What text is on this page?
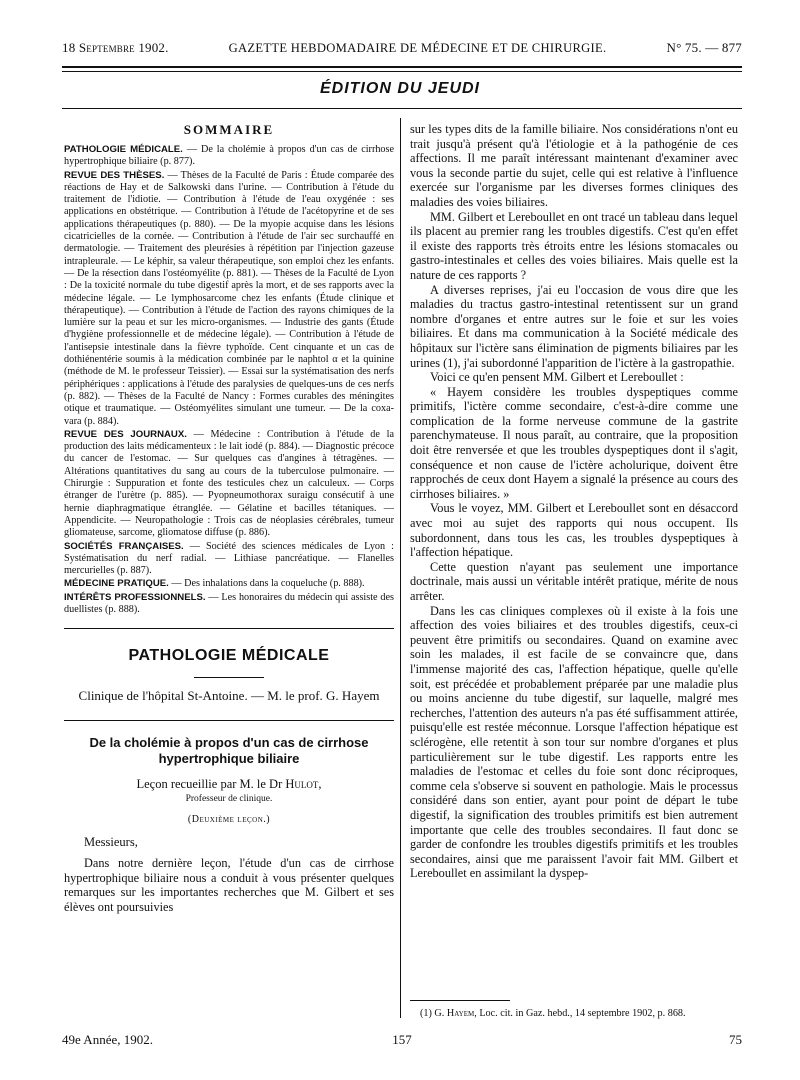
18 Septembre 1902.	GAZETTE HEBDOMADAIRE DE MÉDECINE ET DE CHIRURGIE.	N° 75. — 877
ÉDITION DU JEUDI
SOMMAIRE

PATHOLOGIE MÉDICALE. — De la cholémie à propos d'un cas de cirrhose hypertrophique biliaire (p. 877).

REVUE DES THÈSES. — Thèses de la Faculté de Paris : Étude comparée des réactions de Hay et de Salkowski dans l'urine. — Contribution à l'étude du traitement de l'idiotie. — Contribution à l'étude de l'eau oxygénée : ses applications en obstétrique. — Contribution à l'étude de l'acétopyrine et de ses applications thérapeutiques (p. 880). — De la myopie acquise dans les lésions cicatricielles de la cornée. — Contribution à l'étude de l'air sec surchauffé en dermatologie. — Traitement des pleurésies à répétition par l'injection gazeuse intrapleurale. — Le képhir, sa valeur thérapeutique, son emploi chez les enfants. — De la résection dans l'ostéomyélite (p. 881). — Thèses de la Faculté de Lyon : De la toxicité normale du tube digestif après la mort, et de ses rapports avec la médecine légale. — Le lymphosarcome chez les enfants (Étude clinique et thérapeutique). — Contribution à l'étude de l'action des rayons chimiques de la lumière sur la peau et sur les micro-organismes. — Industrie des gants (Étude d'hygiène professionnelle et de médecine légale). — Contribution à l'étude de l'antisepsie intestinale dans la fièvre typhoïde. Cent cinquante et un cas de dothiénentérie soumis à la médication combinée par le naphtol α et la quinine (méthode de M. le professeur Teissier). — Essai sur la systématisation des nerfs périphériques : applications à l'étude des paralysies de quelques-uns de ces nerfs (p. 882). — Thèses de la Faculté de Nancy : Formes curables des méningites otique et traumatique. — Ostéomyélites simulant une tumeur. — De la coxa-vara (p. 884).

REVUE DES JOURNAUX. — Médecine : Contribution à l'étude de la production des laits médicamenteux : le lait iodé (p. 884). — Diagnostic précoce du cancer de l'estomac. — Sur quelques cas d'angines à tétragènes. — Altérations quantitatives du sang au cours de la tuberculose pulmonaire. — Chirurgie : Suppuration et fonte des testicules chez un calculeux. — Corps étranger de l'urètre (p. 885). — Pyopneumothorax suraigu consécutif à une hernie diaphragmatique étranglée. — Gélatine et bacilles tétaniques. — Appendicite. — Neuropathologie : Trois cas de néoplasies cérébrales, tumeur gliomateuse, sarcome, gliomatose diffuse (p. 886).

SOCIÉTÉS FRANÇAISES. — Société des sciences médicales de Lyon : Systématisation du nerf radial. — Lithiase pancréatique. — Flanelles mercurielles (p. 887).

MÉDECINE PRATIQUE. — Des inhalations dans la coqueluche (p. 888).

INTÉRÊTS PROFESSIONNELS. — Les honoraires du médecin qui assiste des duellistes (p. 888).

PATHOLOGIE MÉDICALE
Clinique de l'hôpital St-Antoine. — M. le prof. G. Hayem
De la cholémie à propos d'un cas de cirrhose hypertrophique biliaire
Leçon recueillie par M. le Dr Hulot,
Professeur de clinique.
(Deuxième leçon.)
Messieurs,

Dans notre dernière leçon, l'étude d'un cas de cirrhose hypertrophique biliaire nous a conduit à vous présenter quelques remarques sur les importantes recherches que M. Gilbert et ses élèves ont poursuivies

sur les types dits de la famille biliaire. Nos considérations n'ont eu trait jusqu'à présent qu'à l'étiologie et à la pathogénie de ces affections. Il me paraît intéressant maintenant d'examiner avec vous la seconde partie du sujet, celle qui est relative à l'influence exercée sur l'organisme par les diverses formes cliniques des maladies des voies biliaires.

MM. Gilbert et Lereboullet en ont tracé un tableau dans lequel ils placent au premier rang les troubles digestifs. C'est qu'en effet il existe des rapports très étroits entre les lésions stomacales ou gastro-intestinales et celles des voies biliaires. Mais quelle est la nature de ces rapports ?

A diverses reprises, j'ai eu l'occasion de vous dire que les maladies du tractus gastro-intestinal retentissent sur un grand nombre d'organes et entre autres sur le foie et sur les voies biliaires. Et dans ma communication à la Société médicale des hôpitaux sur l'ictère sans élimination de pigments biliaires par les urines (1), j'ai subordonné l'apparition de l'ictère à la gastropathie.

Voici ce qu'en pensent MM. Gilbert et Lereboullet :

« Hayem considère les troubles dyspeptiques comme primitifs, l'ictère comme secondaire, c'est-à-dire comme une complication de la forme nerveuse commune de la gastrite parenchymateuse. Il nous paraît, au contraire, que la proposition doit être renversée et que les troubles dyspeptiques dont il s'agit, conséquence et non cause de l'ictère acholurique, doivent être rapprochés de ceux dont Hayem a signalé la présence au cours des cirrhoses biliaires. »

Vous le voyez, MM. Gilbert et Lereboullet sont en désaccord avec moi au sujet des rapports qui nous occupent. Ils subordonnent, dans tous les cas, les troubles dyspeptiques à l'affection hépatique.

Cette question n'ayant pas seulement une importance doctrinale, mais aussi un véritable intérêt pratique, mérite de nous arrêter.

Dans les cas cliniques complexes où il existe à la fois une affection des voies biliaires et des troubles digestifs, ceux-ci peuvent être primitifs ou secondaires. Quand on examine avec soin les malades, il est facile de se convaincre que, dans l'immense majorité des cas, l'affection hépatique, quelle qu'elle soit, est précédée et probablement préparée par une maladie plus ou moins ancienne du tube digestif, sur laquelle, malgré mes recherches, l'attention des auteurs n'a pas été suffisamment attirée, puisqu'elle est restée méconnue. Lorsque l'affection hépatique est sclérogène, elle retentit à son tour sur nombre d'organes et plus particulièrement sur le tube digestif. Les rapports entre les maladies de l'estomac et celles du foie sont donc réciproques, comme cela s'observe si souvent en pathologie. Mais le processus considéré dans son entier, ayant pour point de départ le tube digestif, la signification des troubles primitifs est bien autrement importante que celle des troubles secondaires. Il faut donc se garder de confondre les troubles digestifs primitifs et les troubles secondaires, ainsi que me paraissent l'avoir fait MM. Gilbert et Lereboullet en assimilant la dyspep-

(1) G. Hayem, Loc. cit. in Gaz. hebd., 14 septembre 1902, p. 868.
49e Année, 1902.	157	75
